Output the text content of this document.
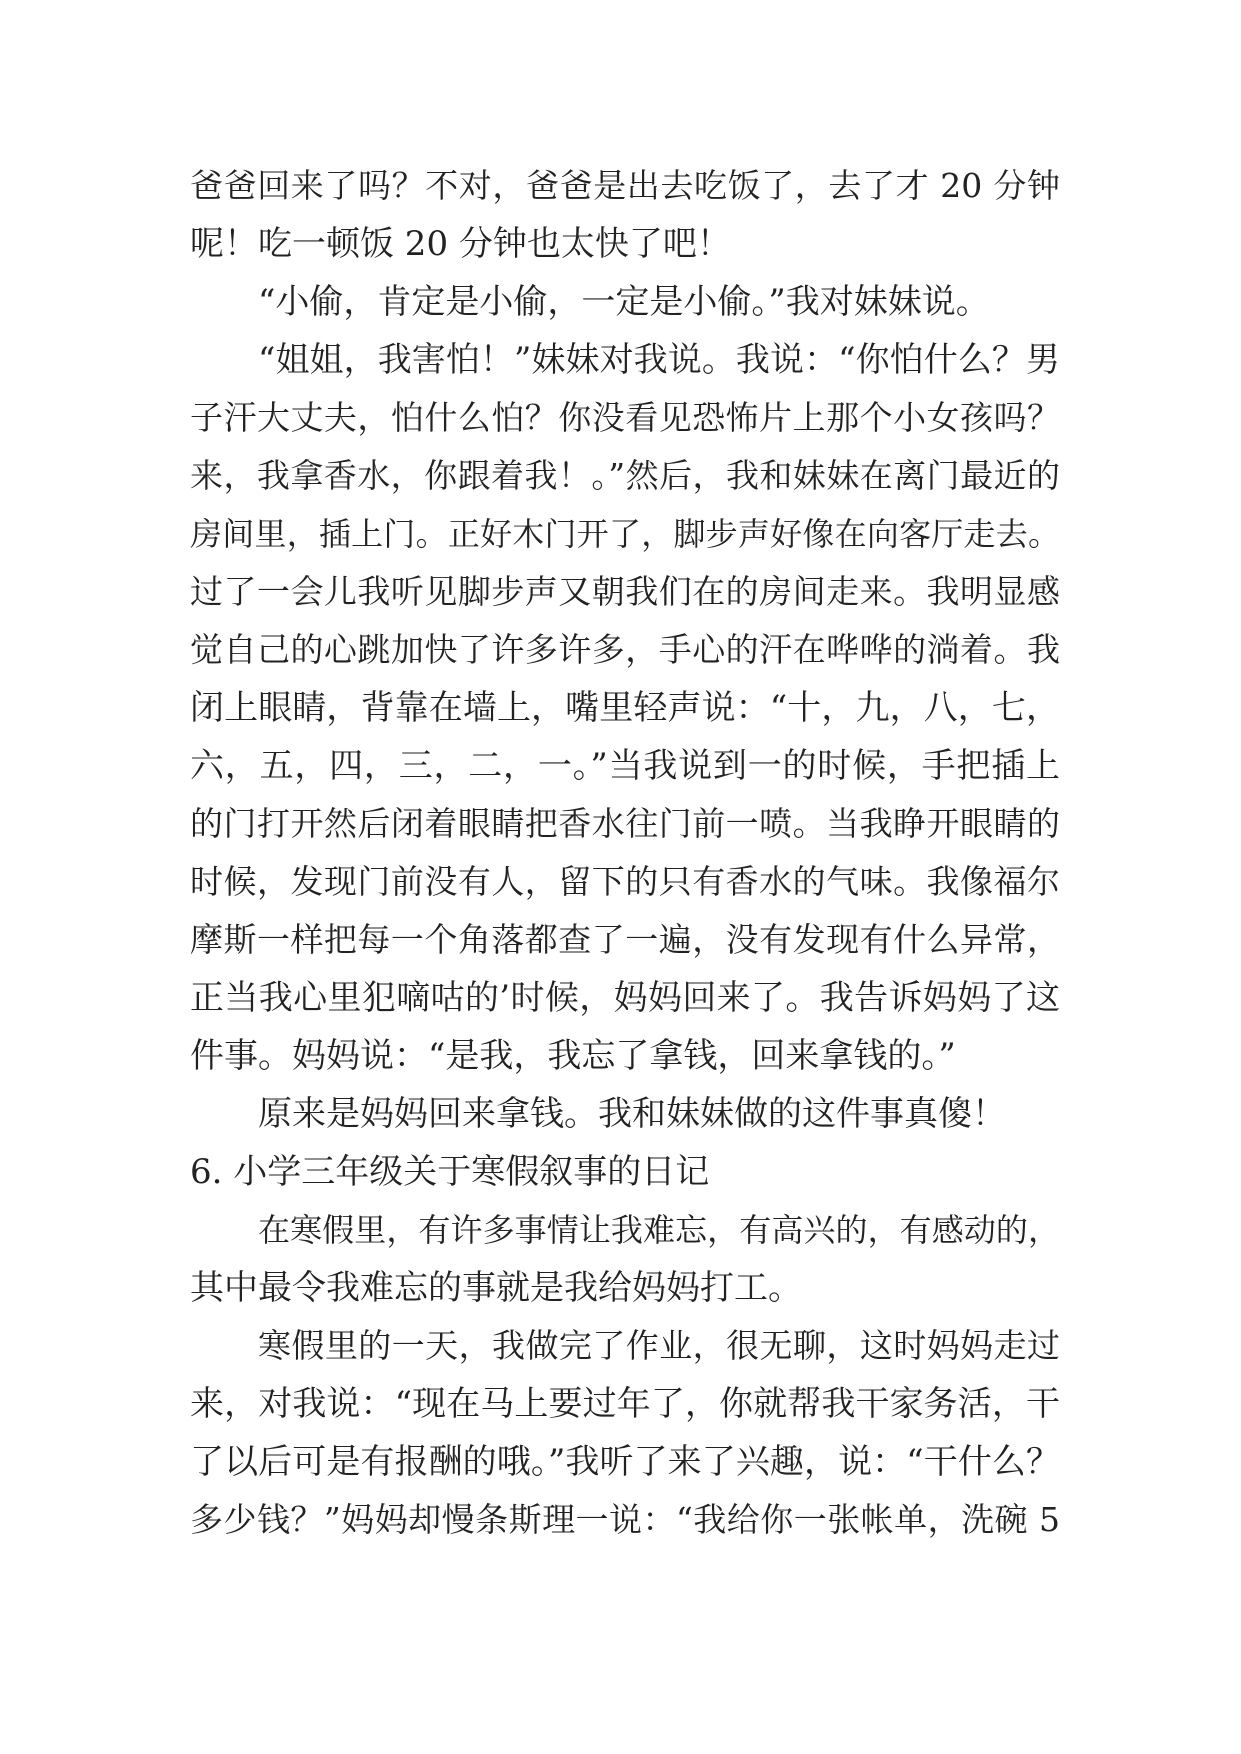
爸爸回来了吗？不对，爸爸是出去吃饭了，去了才 20 分钟
呢！吃一顿饭 20 分钟也太快了吧！
“小偷，肯定是小偷，一定是小偷。”我对妹妹说。
“姐姐，我害怕！”妹妹对我说。我说：“你怕什么？男
子汗大丈夫，怕什么怕？你没看见恐怖片上那个小女孩吗？
来，我拿香水，你跟着我！。”然后，我和妹妹在离门最近的
房间里，插上门。正好木门开了，脚步声好像在向客厅走去。
过了一会儿我听见脚步声又朝我们在的房间走来。我明显感
觉自己的心跳加快了许多许多，手心的汗在哗哗的淌着。我
闭上眼睛，背靠在墙上，嘴里轻声说：“十，九，八，七，
六，五，四，三，二，一。”当我说到一的时候，手把插上
的门打开然后闭着眼睛把香水往门前一喷。当我睁开眼睛的
时候，发现门前没有人，留下的只有香水的气味。我像福尔
摩斯一样把每一个角落都查了一遍，没有发现有什么异常，
正当我心里犯嘀咕的’时候，妈妈回来了。我告诉妈妈了这
件事。妈妈说：“是我，我忘了拿钱，回来拿钱的。”
原来是妈妈回来拿钱。我和妹妹做的这件事真傻！
6. 小学三年级关于寒假叙事的日记
在寒假里，有许多事情让我难忘，有高兴的，有感动的，
其中最令我难忘的事就是我给妈妈打工。
寒假里的一天，我做完了作业，很无聊，这时妈妈走过
来，对我说：“现在马上要过年了，你就帮我干家务活，干
了以后可是有报酬的哦。”我听了来了兴趣，说：“干什么？
多少钱？”妈妈却慢条斯理一说：“我给你一张帐单，洗碗 5
